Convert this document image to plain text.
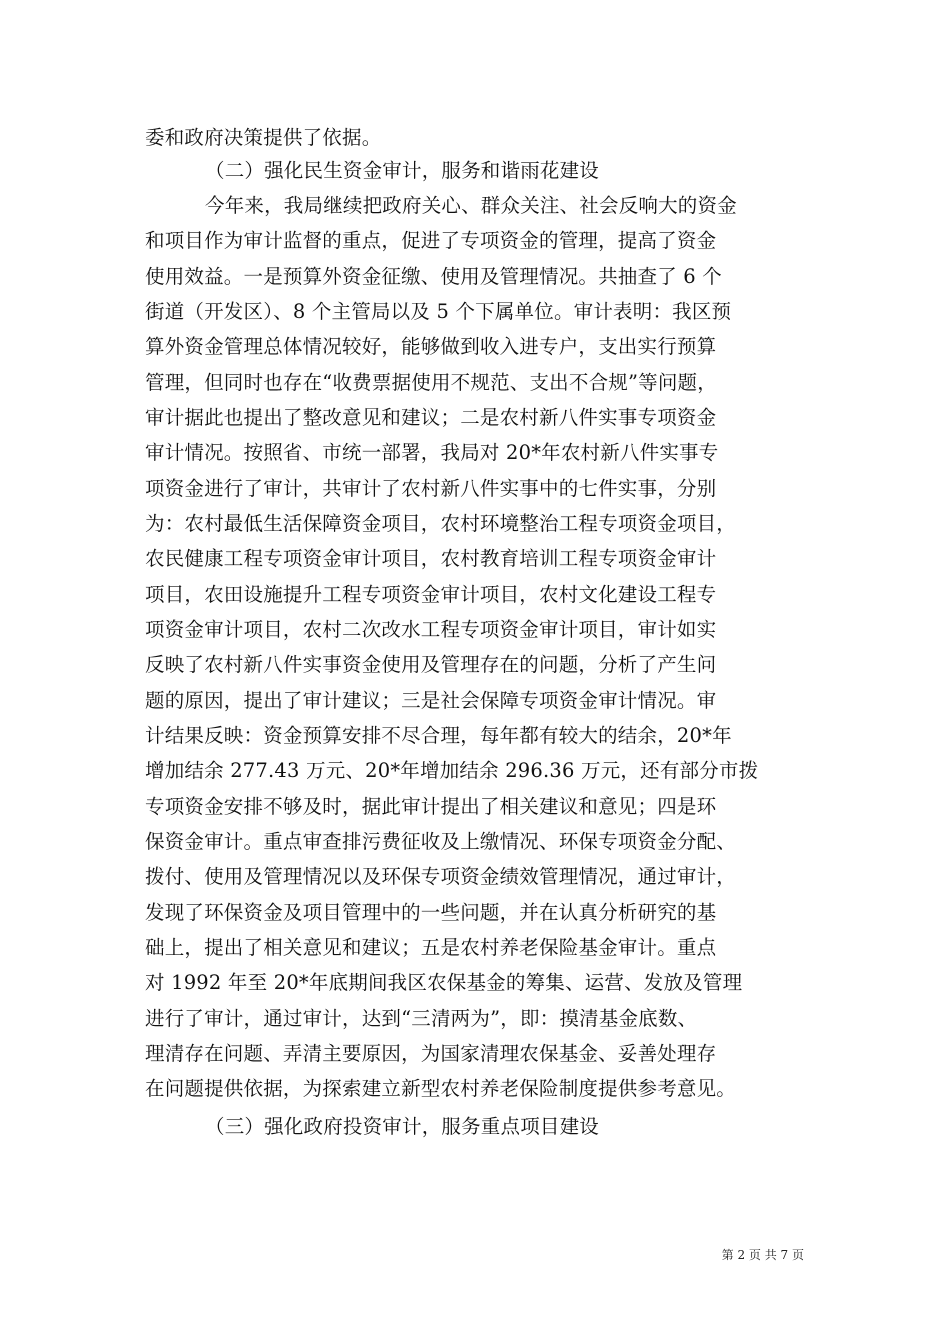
委和政府决策提供了依据。

（二）强化民生资金审计，服务和谐雨花建设

今年来，我局继续把政府关心、群众关注、社会反响大的资金

和项目作为审计监督的重点，促进了专项资金的管理，提高了资金

使用效益。一是预算外资金征缴、使用及管理情况。共抽查了 6 个

街道（开发区）、8 个主管局以及 5 个下属单位。审计表明：我区预

算外资金管理总体情况较好，能够做到收入进专户，支出实行预算

管理，但同时也存在“收费票据使用不规范、支出不合规”等问题，

审计据此也提出了整改意见和建议；二是农村新八件实事专项资金

审计情况。按照省、市统一部署，我局对 20*年农村新八件实事专

项资金进行了审计，共审计了农村新八件实事中的七件实事，分别

为：农村最低生活保障资金项目，农村环境整治工程专项资金项目，

农民健康工程专项资金审计项目，农村教育培训工程专项资金审计

项目，农田设施提升工程专项资金审计项目，农村文化建设工程专

项资金审计项目，农村二次改水工程专项资金审计项目，审计如实

反映了农村新八件实事资金使用及管理存在的问题，分析了产生问

题的原因，提出了审计建议；三是社会保障专项资金审计情况。审

计结果反映：资金预算安排不尽合理，每年都有较大的结余，20*年

增加结余 277.43 万元、20*年增加结余 296.36 万元，还有部分市拨

专项资金安排不够及时，据此审计提出了相关建议和意见；四是环

保资金审计。重点审查排污费征收及上缴情况、环保专项资金分配、

拨付、使用及管理情况以及环保专项资金绩效管理情况，通过审计，

发现了环保资金及项目管理中的一些问题，并在认真分析研究的基

础上，提出了相关意见和建议；五是农村养老保险基金审计。重点

对 1992 年至 20*年底期间我区农保基金的筹集、运营、发放及管理

进行了审计，通过审计，达到“三清两为”，即：摸清基金底数、

理清存在问题、弄清主要原因，为国家清理农保基金、妥善处理存

在问题提供依据，为探索建立新型农村养老保险制度提供参考意见。

（三）强化政府投资审计，服务重点项目建设

第 2 页 共 7 页
